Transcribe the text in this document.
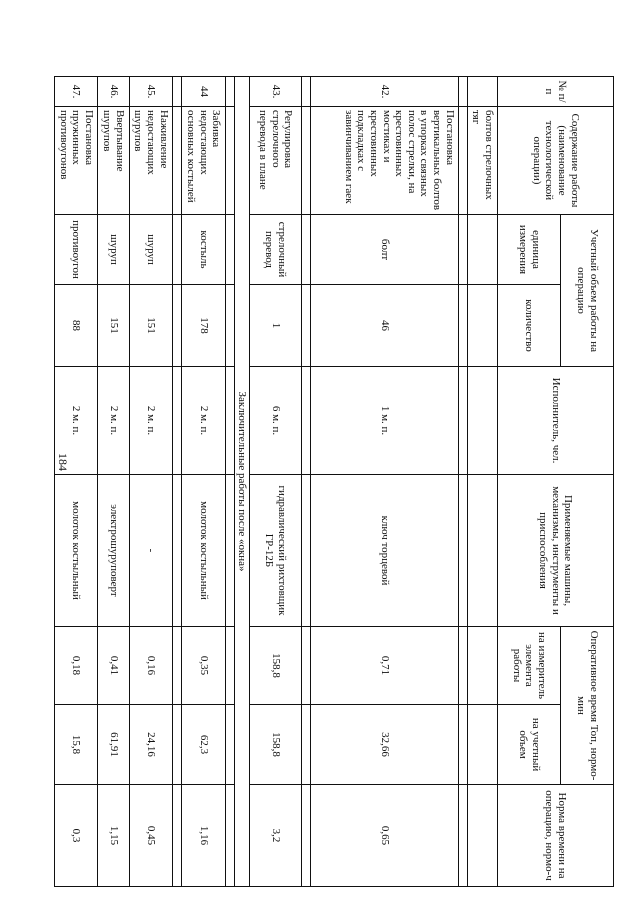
184
№ п/п	Содержание работы (наименование технологической операции)	Учетный объем работы на операцию		Исполнитель, чел.	Применяемые машины, механизмы, инструменты и приспособления	Оперативное время Топ, нормо-мин		Норма времени на операцию, нормо-ч
		единица измерения	количество			на измеритель элемента работы	на учетный объем	
	болтов стрелочных тяг							

42.	Постановка вертикальных болтов в упорках связных полос стрелки, на крестовинных мостиках и крестовинных подкладках с завинчиванием гаек	болт	46	1 м. п.	ключ торцевой	0,71	32,66	0,65

43.	Регулировка стрелочного перевода в плане	стрелочный перевод	1	6 м. п.	гидравлический рихтовщик ГР-12Б	158,8	158,8	3,2
Заключительные работы после «окна»								

44	Забивка недостающих основных костылей	костыль	178	2 м. п.	молоток костыльный	0,35	62,3	1,16

45.	Наживление недостающих шурупов	шуруп	151	2 м. п.	-	0,16	24,16	0,45
46.	Ввертывание шурупов	шуруп	151	2 м. п.	электрошуруповерт	0,41	61,91	1,15
47.	Постановка пружинных противоугонов	противоугон	88	2 м. п.	молоток костыльный	0,18	15,8	0,3
